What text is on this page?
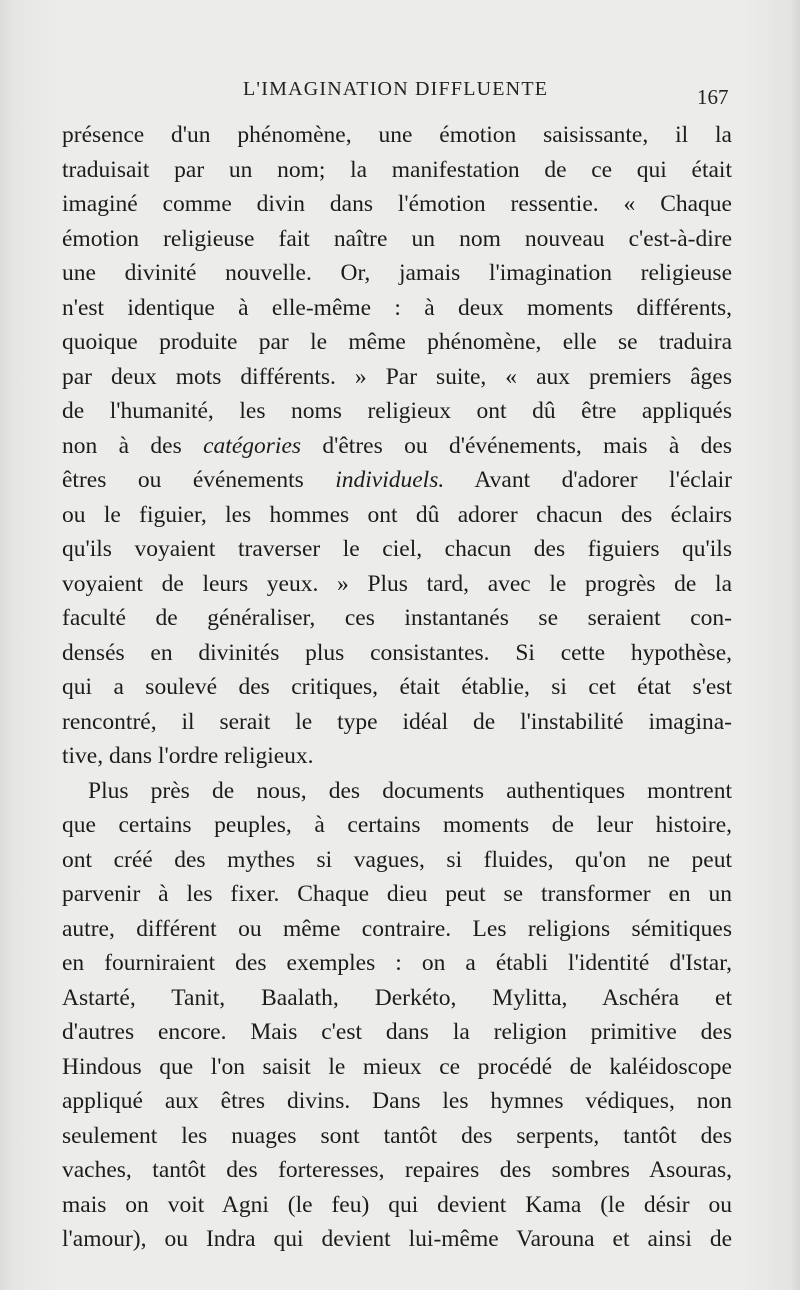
L'IMAGINATION DIFFLUENTE	167
présence d'un phénomène, une émotion saisissante, il la
traduisait par un nom; la manifestation de ce qui était
imaginé comme divin dans l'émotion ressentie. « Chaque
émotion religieuse fait naître un nom nouveau c'est-à-dire
une divinité nouvelle. Or, jamais l'imagination religieuse
n'est identique à elle-même : à deux moments différents,
quoique produite par le même phénomène, elle se traduira
par deux mots différents. » Par suite, « aux premiers âges
de l'humanité, les noms religieux ont dû être appliqués
non à des catégories d'êtres ou d'événements, mais à des
êtres ou événements individuels. Avant d'adorer l'éclair
ou le figuier, les hommes ont dû adorer chacun des éclairs
qu'ils voyaient traverser le ciel, chacun des figuiers qu'ils
voyaient de leurs yeux. » Plus tard, avec le progrès de la
faculté de généraliser, ces instantanés se seraient con-
densés en divinités plus consistantes. Si cette hypothèse,
qui a soulevé des critiques, était établie, si cet état s'est
rencontré, il serait le type idéal de l'instabilité imagina-
tive, dans l'ordre religieux.
Plus près de nous, des documents authentiques montrent
que certains peuples, à certains moments de leur histoire,
ont créé des mythes si vagues, si fluides, qu'on ne peut
parvenir à les fixer. Chaque dieu peut se transformer en un
autre, différent ou même contraire. Les religions sémitiques
en fourniraient des exemples : on a établi l'identité d'Istar,
Astarté, Tanit, Baalath, Derkéto, Mylitta, Aschéra et
d'autres encore. Mais c'est dans la religion primitive des
Hindous que l'on saisit le mieux ce procédé de kaléidoscope
appliqué aux êtres divins. Dans les hymnes védiques, non
seulement les nuages sont tantôt des serpents, tantôt des
vaches, tantôt des forteresses, repaires des sombres Asouras,
mais on voit Agni (le feu) qui devient Kama (le désir ou
l'amour), ou Indra qui devient lui-même Varouna et ainsi de
